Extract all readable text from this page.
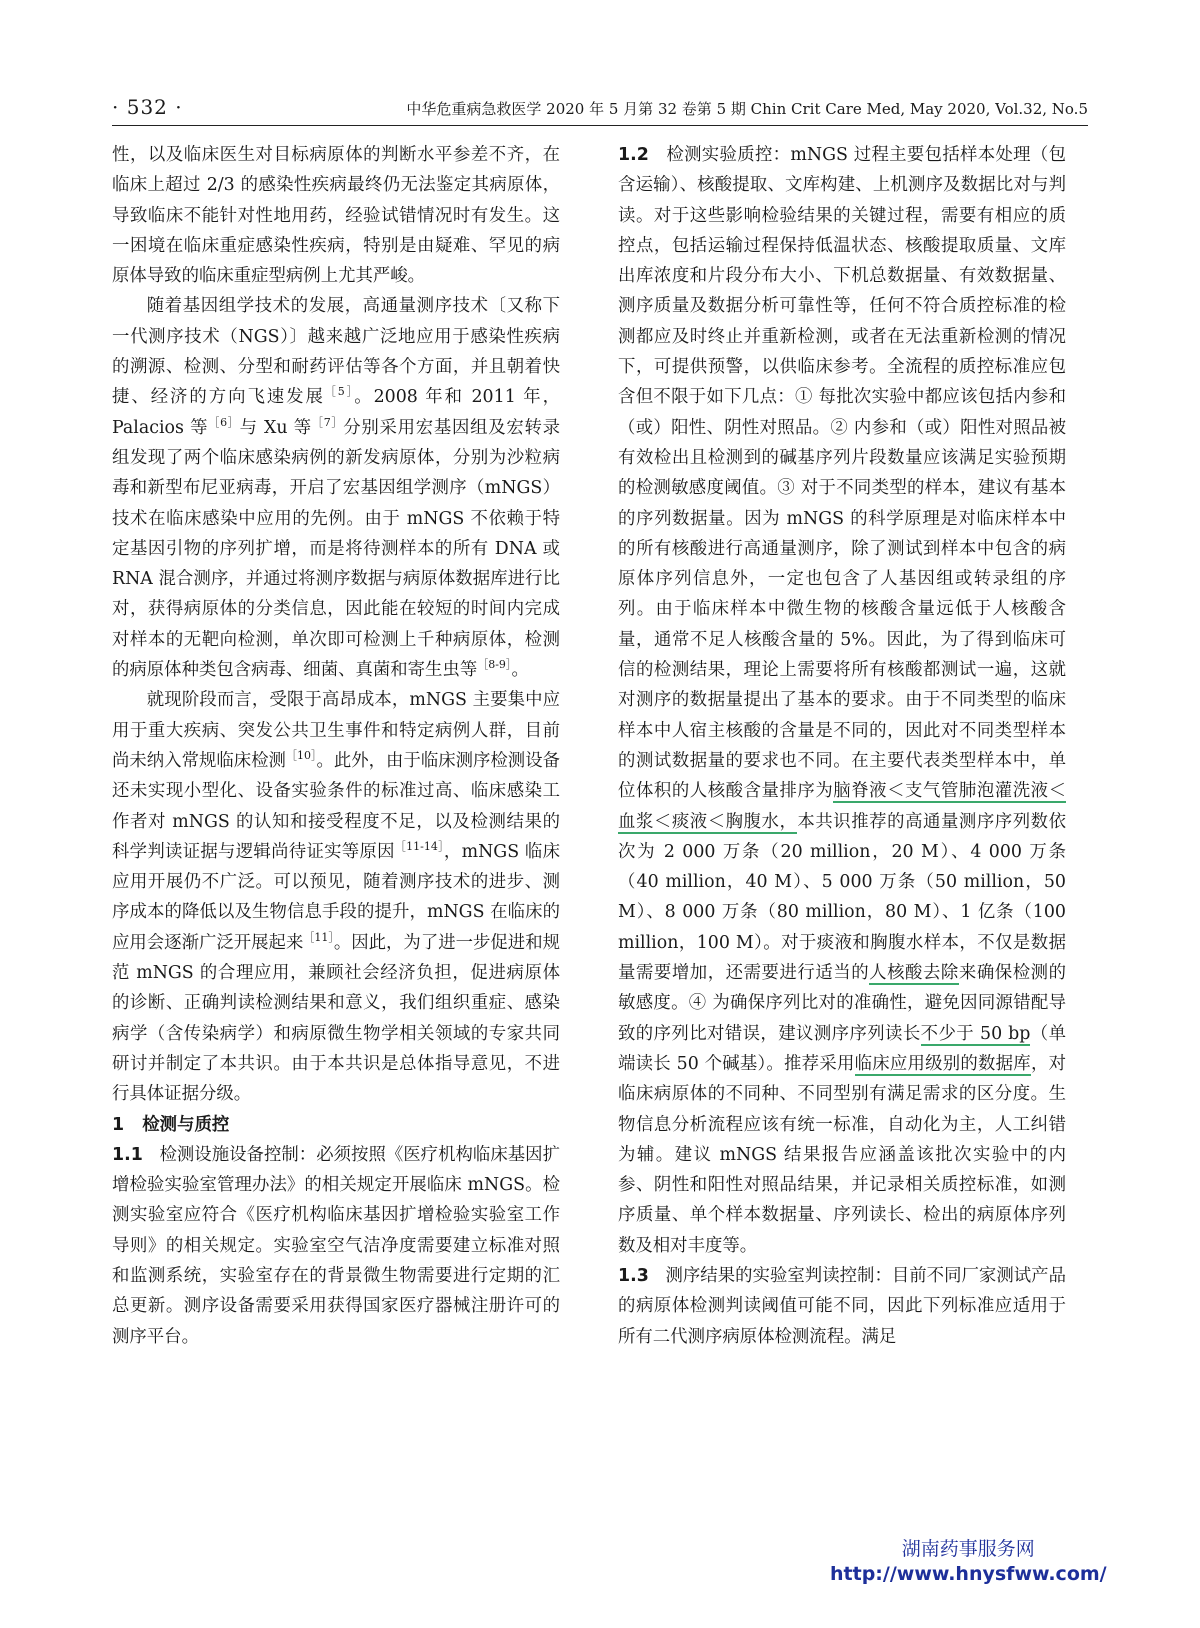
· 532 ·	中华危重病急救医学 2020 年 5 月第 32 卷第 5 期 Chin Crit Care Med, May 2020, Vol.32, No.5

性，以及临床医生对目标病原体的判断水平参差不齐，在临床上超过 2/3 的感染性疾病最终仍无法鉴定其病原体，导致临床不能针对性地用药，经验试错情况时有发生。这一困境在临床重症感染性疾病，特别是由疑难、罕见的病原体导致的临床重症型病例上尤其严峻。

随着基因组学技术的发展，高通量测序技术〔又称下一代测序技术（NGS）〕越来越广泛地应用于感染性疾病的溯源、检测、分型和耐药评估等各个方面，并且朝着快捷、经济的方向飞速发展$^{[5]}$。2008 年和 2011 年，Palacios 等$^{[6]}$与 Xu 等$^{[7]}$分别采用宏基因组及宏转录组发现了两个临床感染病例的新发病原体，分别为沙粒病毒和新型布尼亚病毒，开启了宏基因组学测序（mNGS）技术在临床感染中应用的先例。由于 mNGS 不依赖于特定基因引物的序列扩增，而是将待测样本的所有 DNA 或 RNA 混合测序，并通过将测序数据与病原体数据库进行比对，获得病原体的分类信息，因此能在较短的时间内完成对样本的无靶向检测，单次即可检测上千种病原体，检测的病原体种类包含病毒、细菌、真菌和寄生虫等$^{[8-9]}$。

就现阶段而言，受限于高昂成本，mNGS 主要集中应用于重大疾病、突发公共卫生事件和特定病例人群，目前尚未纳入常规临床检测$^{[10]}$。此外，由于临床测序检测设备还未实现小型化、设备实验条件的标准过高、临床感染工作者对 mNGS 的认知和接受程度不足，以及检测结果的科学判读证据与逻辑尚待证实等原因$^{[11-14]}$，mNGS 临床应用开展仍不广泛。可以预见，随着测序技术的进步、测序成本的降低以及生物信息手段的提升，mNGS 在临床的应用会逐渐广泛开展起来$^{[11]}$。因此，为了进一步促进和规范 mNGS 的合理应用，兼顾社会经济负担，促进病原体的诊断、正确判读检测结果和意义，我们组织重症、感染病学（含传染病学）和病原微生物学相关领域的专家共同研讨并制定了本共识。由于本共识是总体指导意见，不进行具体证据分级。

1 检测与质控

1.1 检测设施设备控制：必须按照《医疗机构临床基因扩增检验实验室管理办法》的相关规定开展临床 mNGS。检测实验室应符合《医疗机构临床基因扩增检验实验室工作导则》的相关规定。实验室空气洁净度需要建立标准对照和监测系统，实验室存在的背景微生物需要进行定期的汇总更新。测序设备需要采用获得国家医疗器械注册许可的测序平台。

1.2 检测实验质控：mNGS 过程主要包括样本处理（包含运输）、核酸提取、文库构建、上机测序及数据比对与判读。对于这些影响检验结果的关键过程，需要有相应的质控点，包括运输过程保持低温状态、核酸提取质量、文库出库浓度和片段分布大小、下机总数据量、有效数据量、测序质量及数据分析可靠性等，任何不符合质控标准的检测都应及时终止并重新检测，或者在无法重新检测的情况下，可提供预警，以供临床参考。全流程的质控标准应包含但不限于如下几点：① 每批次实验中都应该包括内参和（或）阳性、阴性对照品。② 内参和（或）阳性对照品被有效检出且检测到的碱基序列片段数量应该满足实验预期的检测敏感度阈值。③ 对于不同类型的样本，建议有基本的序列数据量。因为 mNGS 的科学原理是对临床样本中的所有核酸进行高通量测序，除了测试到样本中包含的病原体序列信息外，一定也包含了人基因组或转录组的序列。由于临床样本中微生物的核酸含量远低于人核酸含量，通常不足人核酸含量的 5%。因此，为了得到临床可信的检测结果，理论上需要将所有核酸都测试一遍，这就对测序的数据量提出了基本的要求。由于不同类型的临床样本中人宿主核酸的含量是不同的，因此对不同类型样本的测试数据量的要求也不同。在主要代表类型样本中，单位体积的人核酸含量排序为脑脊液＜支气管肺泡灌洗液＜血浆＜痰液＜胸腹水，本共识推荐的高通量测序序列数依次为 2 000 万条（20 million，20 M）、4 000 万条（40 million，40 M）、5 000 万条（50 million，50 M）、8 000 万条（80 million，80 M）、1 亿条（100 million，100 M）。对于痰液和胸腹水样本，不仅是数据量需要增加，还需要进行适当的人核酸去除来确保检测的敏感度。④ 为确保序列比对的准确性，避免因同源错配导致的序列比对错误，建议测序序列读长不少于 50 bp（单端读长 50 个碱基）。推荐采用临床应用级别的数据库，对临床病原体的不同种、不同型别有满足需求的区分度。生物信息分析流程应该有统一标准，自动化为主，人工纠错为辅。建议 mNGS 结果报告应涵盖该批次实验中的内参、阴性和阳性对照品结果，并记录相关质控标准，如测序质量、单个样本数据量、序列读长、检出的病原体序列数及相对丰度等。

1.3 测序结果的实验室判读控制：目前不同厂家测试产品的病原体检测判读阈值可能不同，因此下列标准应适用于所有二代测序病原体检测流程。满足

湖南药事服务网
http://www.hnysfww.com/
